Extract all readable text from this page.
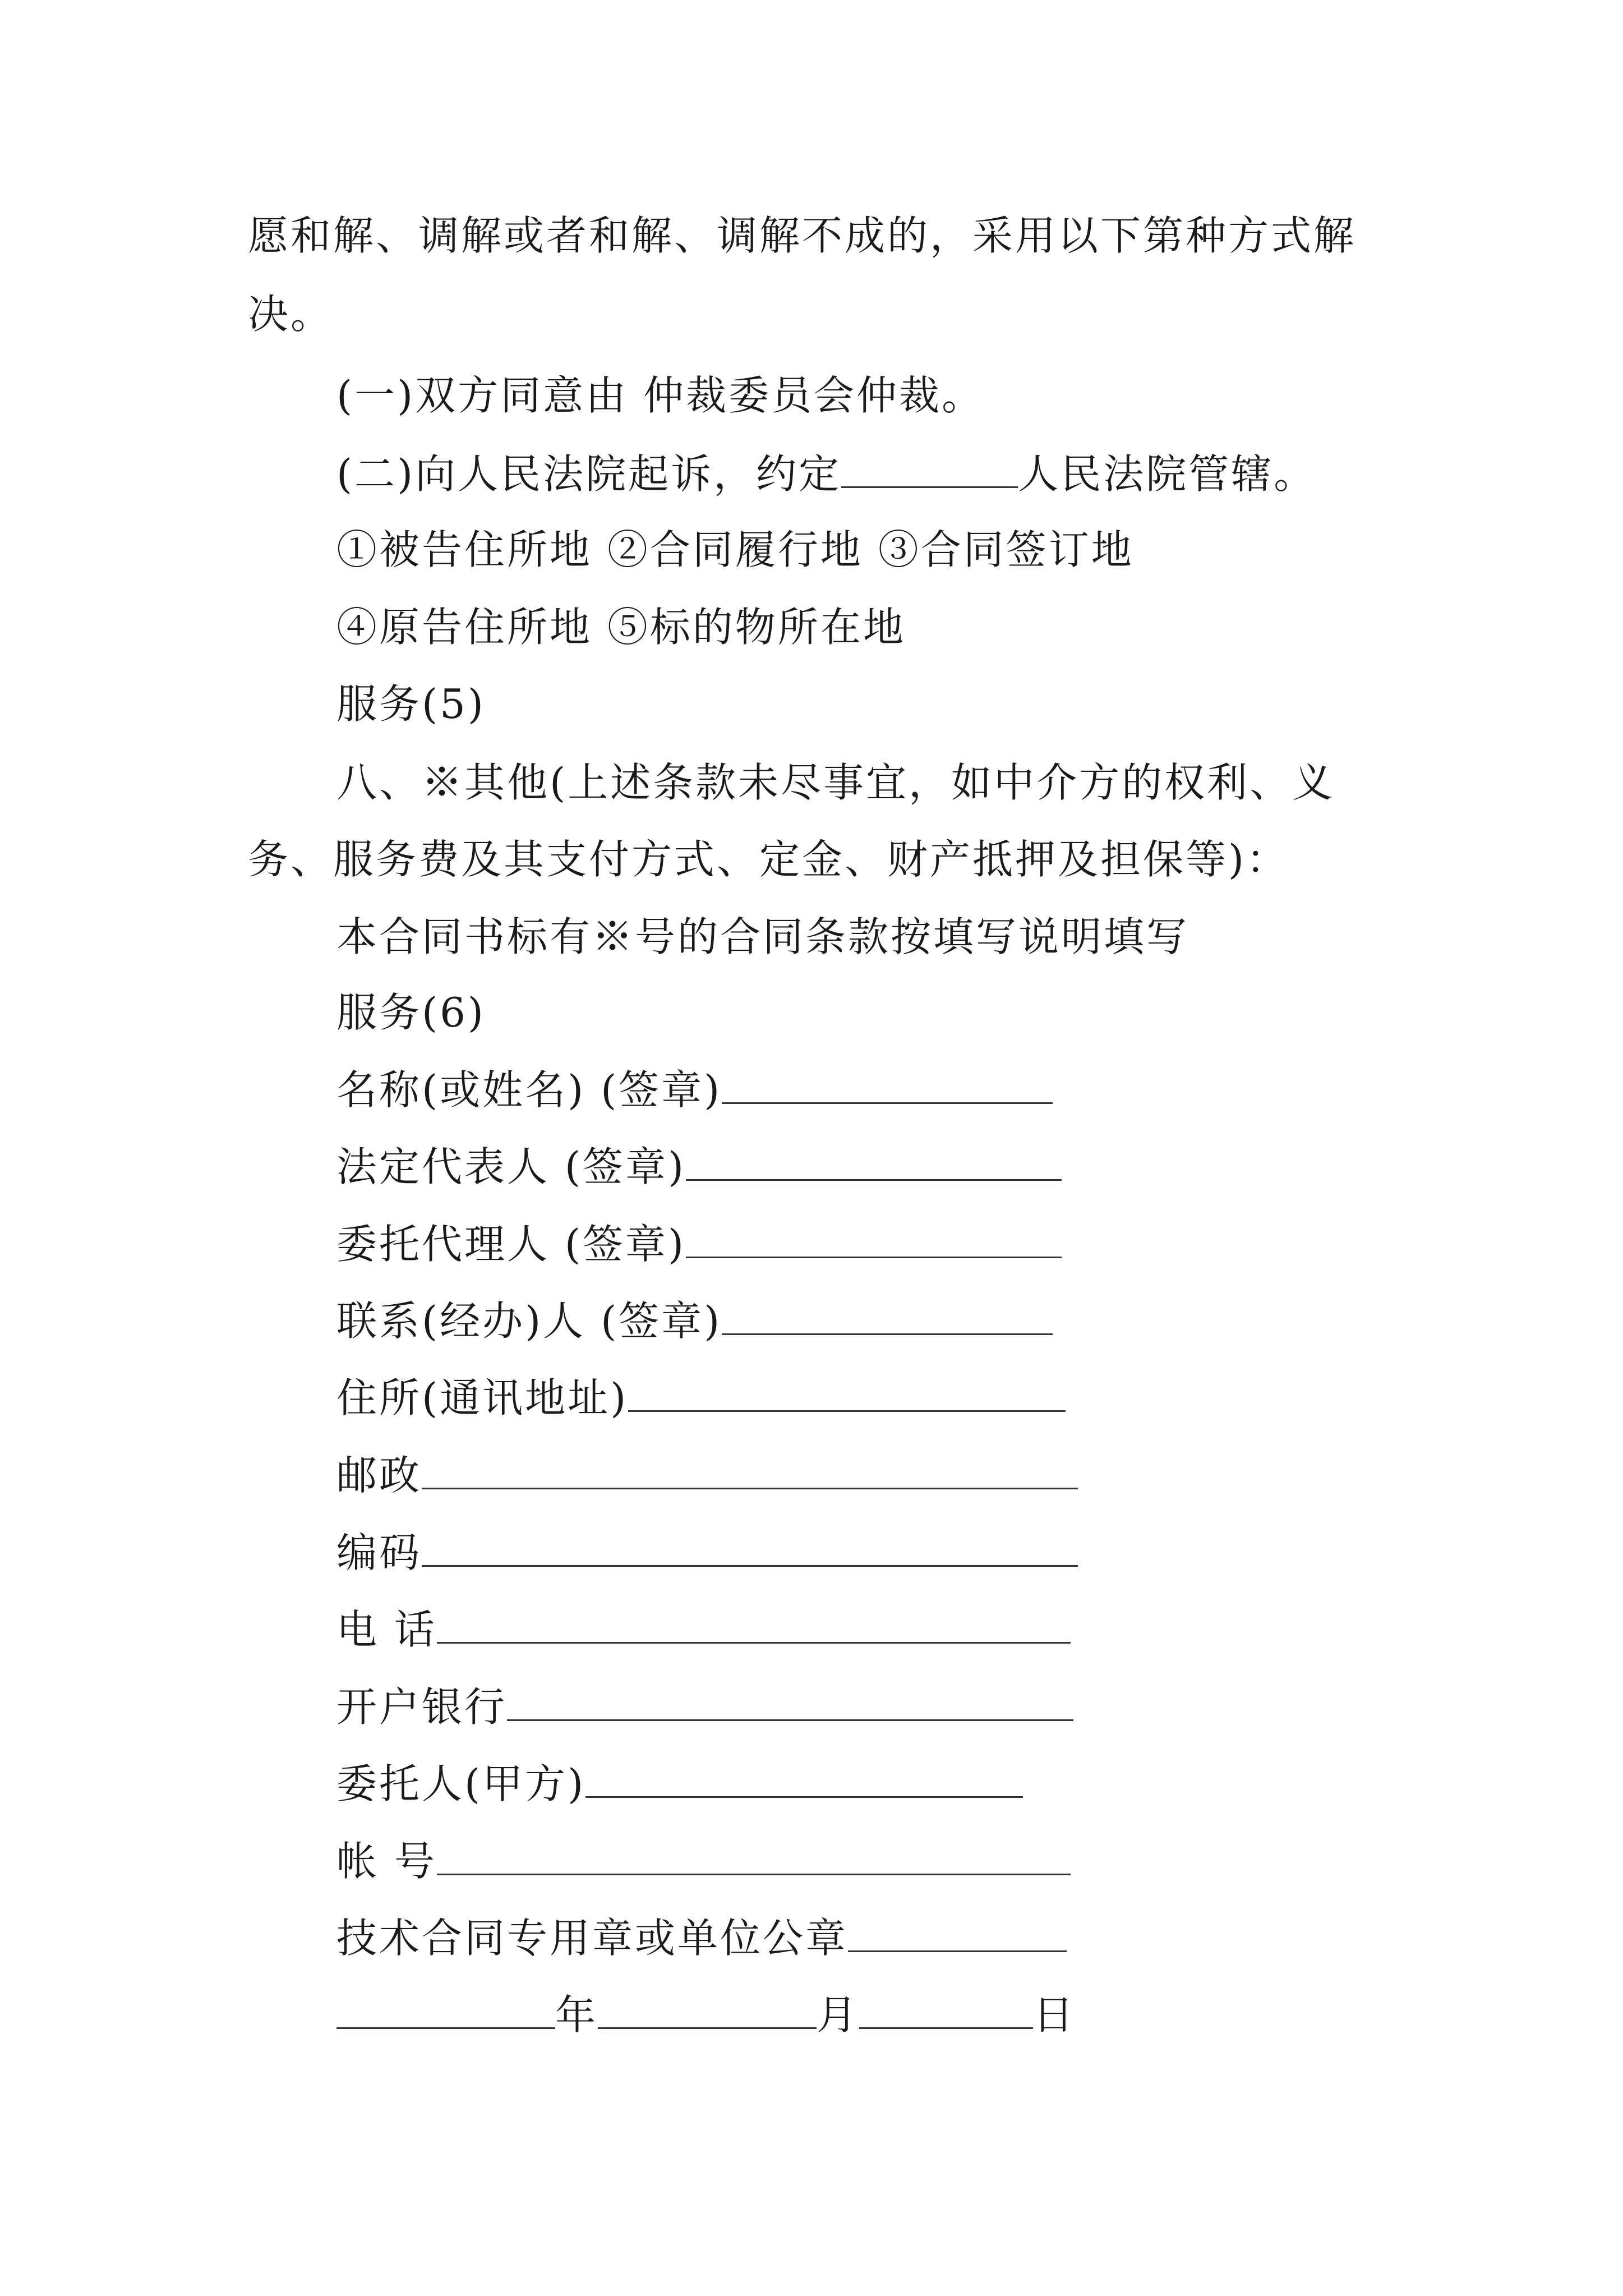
愿和解、调解或者和解、调解不成的，采用以下第种方式解
决。
(一)双方同意由 仲裁委员会仲裁。
(二)向人民法院起诉，约定	人民法院管辖。
①被告住所地 ②合同履行地 ③合同签订地
④原告住所地 ⑤标的物所在地
服务(5)
八、※其他(上述条款未尽事宜，如中介方的权利、义
务、服务费及其支付方式、定金、财产抵押及担保等)：
本合同书标有※号的合同条款按填写说明填写
服务(6)
名称(或姓名) (签章)
法定代表人 (签章)
委托代理人 (签章)
联系(经办)人 (签章)
住所(通讯地址)
邮政
编码
电 话
开户银行
委托人(甲方)
帐 号
技术合同专用章或单位公章
年	月	日
